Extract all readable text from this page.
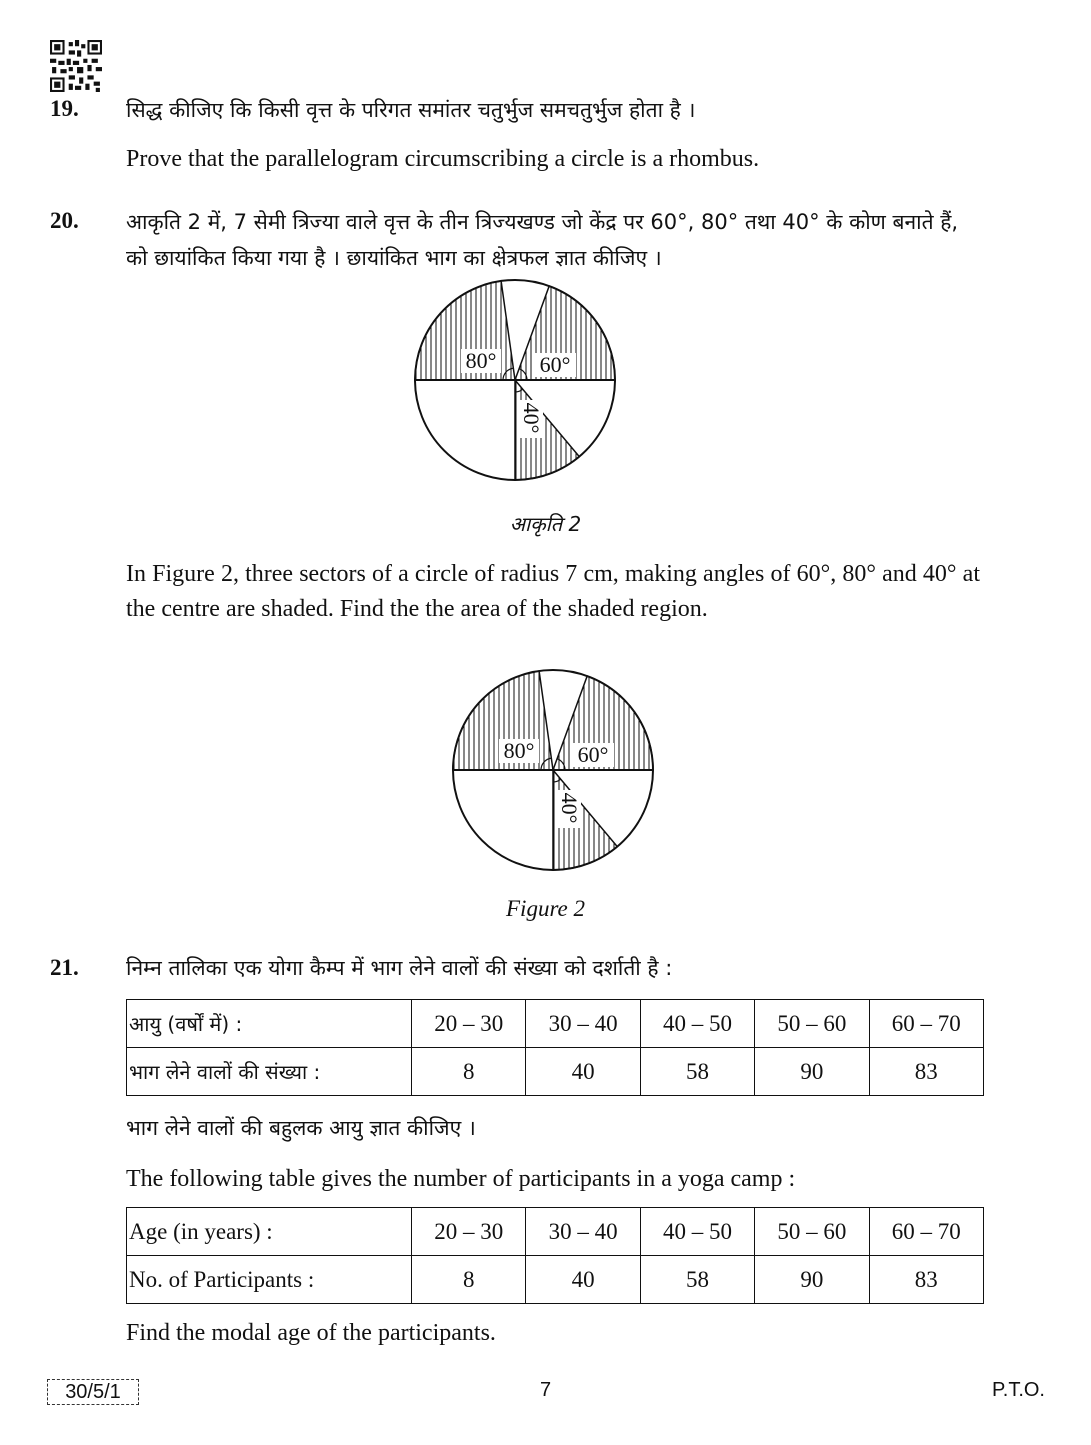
19. सिद्ध कीजिए कि किसी वृत्त के परिगत समांतर चतुर्भुज समचतुर्भुज होता है ।
Prove that the parallelogram circumscribing a circle is a rhombus.
20. आकृति 2 में, 7 सेमी त्रिज्या वाले वृत्त के तीन त्रिज्यखण्ड जो केंद्र पर 60°, 80° तथा 40° के कोण बनाते हैं, को छायांकित किया गया है । छायांकित भाग का क्षेत्रफल ज्ञात कीजिए ।
80° 60°
40°
आकृति 2
In Figure 2, three sectors of a circle of radius 7 cm, making angles of 60°, 80° and 40° at the centre are shaded. Find the the area of the shaded region.
80° 60°
40°
Figure 2
21. निम्न तालिका एक योगा कैम्प में भाग लेने वालों की संख्या को दर्शाती है :
आयु (वर्षों में) :	20 – 30	30 – 40	40 – 50	50 – 60	60 – 70
भाग लेने वालों की संख्या :	8	40	58	90	83
भाग लेने वालों की बहुलक आयु ज्ञात कीजिए ।
The following table gives the number of participants in a yoga camp :
Age (in years) :	20 – 30	30 – 40	40 – 50	50 – 60	60 – 70
No. of Participants :	8	40	58	90	83
Find the modal age of the participants.
30/5/1	7	P.T.O.
